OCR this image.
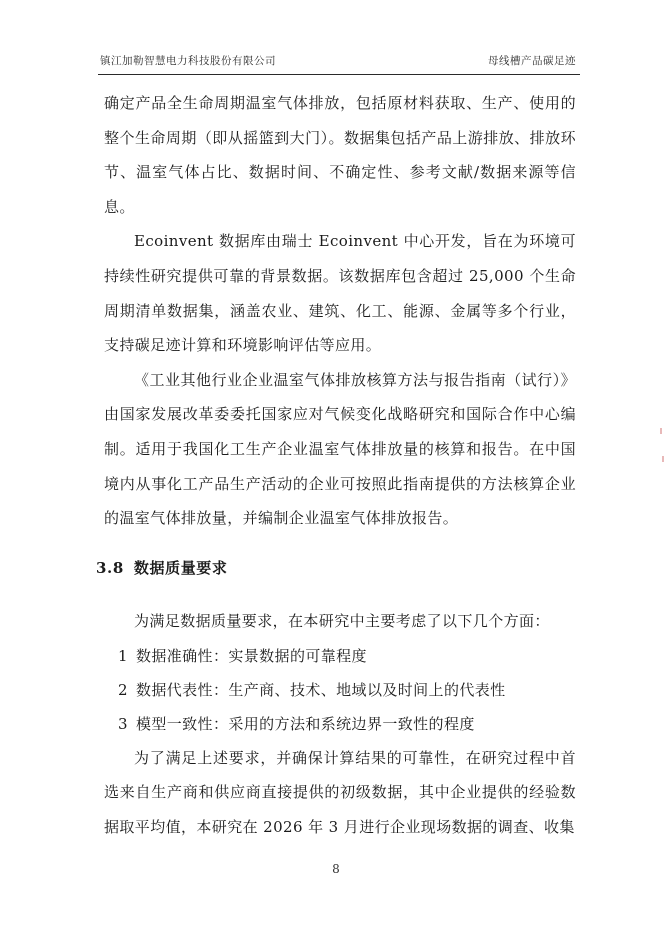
镇江加勒智慧电力科技股份有限公司	母线槽产品碳足迹

确定产品全生命周期温室气体排放，包括原材料获取、生产、使用的整个生命周期（即从摇篮到大门）。数据集包括产品上游排放、排放环节、温室气体占比、数据时间、不确定性、参考文献/数据来源等信息。

Ecoinvent 数据库由瑞士 Ecoinvent 中心开发，旨在为环境可持续性研究提供可靠的背景数据。该数据库包含超过 25,000 个生命周期清单数据集，涵盖农业、建筑、化工、能源、金属等多个行业，支持碳足迹计算和环境影响评估等应用。

《工业其他行业企业温室气体排放核算方法与报告指南（试行）》由国家发展改革委委托国家应对气候变化战略研究和国际合作中心编制。适用于我国化工生产企业温室气体排放量的核算和报告。在中国境内从事化工产品生产活动的企业可按照此指南提供的方法核算企业的温室气体排放量，并编制企业温室气体排放报告。

3.8 数据质量要求

为满足数据质量要求，在本研究中主要考虑了以下几个方面：

1 数据准确性：实景数据的可靠程度

2 数据代表性：生产商、技术、地域以及时间上的代表性

3 模型一致性：采用的方法和系统边界一致性的程度

为了满足上述要求，并确保计算结果的可靠性，在研究过程中首选来自生产商和供应商直接提供的初级数据，其中企业提供的经验数据取平均值，本研究在 2026 年 3 月进行企业现场数据的调查、收集

8
